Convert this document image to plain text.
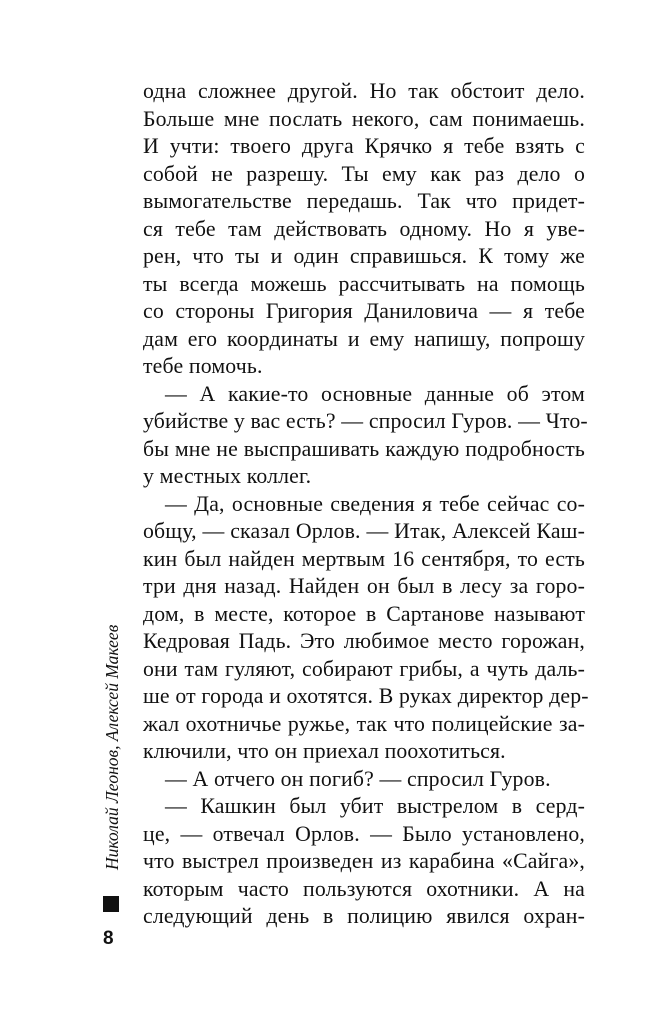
одна сложнее другой. Но так обстоит дело.
Больше мне послать некого, сам понимаешь.
И учти: твоего друга Крячко я тебе взять с
собой не разрешу. Ты ему как раз дело о
вымогательстве передашь. Так что придет-
ся тебе там действовать одному. Но я уве-
рен, что ты и один справишься. К тому же
ты всегда можешь рассчитывать на помощь
со стороны Григория Даниловича — я тебе
дам его координаты и ему напишу, попрошу
тебе помочь.
— А какие-то основные данные об этом
убийстве у вас есть? — спросил Гуров. — Что-
бы мне не выспрашивать каждую подробность
у местных коллег.
— Да, основные сведения я тебе сейчас со-
общу, — сказал Орлов. — Итак, Алексей Каш-
кин был найден мертвым 16 сентября, то есть
три дня назад. Найден он был в лесу за горо-
дом, в месте, которое в Сартанове называют
Кедровая Падь. Это любимое место горожан,
они там гуляют, собирают грибы, а чуть даль-
ше от города и охотятся. В руках директор дер-
жал охотничье ружье, так что полицейские за-
ключили, что он приехал поохотиться.
— А отчего он погиб? — спросил Гуров.
— Кашкин был убит выстрелом в серд-
це, — отвечал Орлов. — Было установлено,
что выстрел произведен из карабина «Сайга»,
которым часто пользуются охотники. А на
следующий день в полицию явился охран-
Николай Леонов, Алексей Макеев
8
